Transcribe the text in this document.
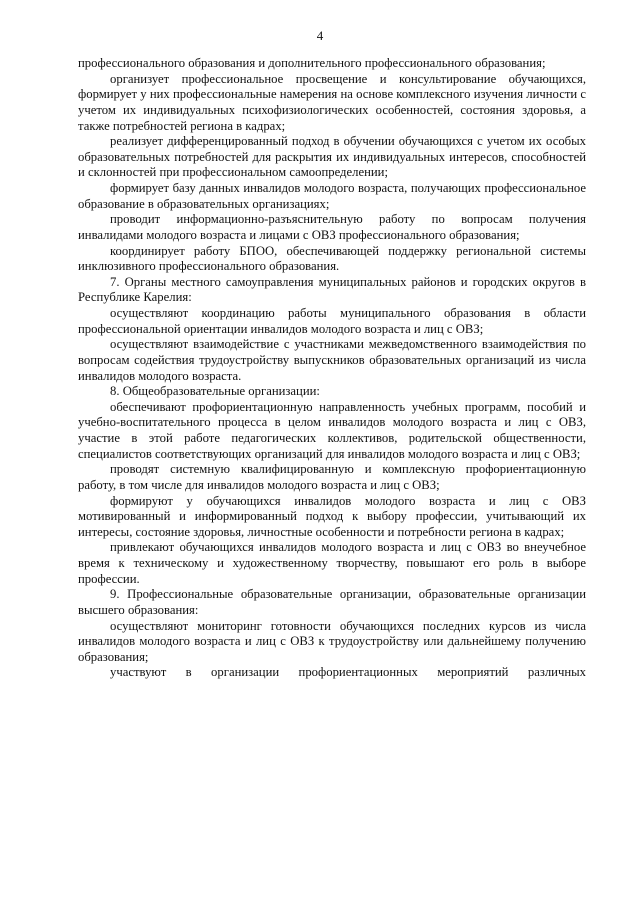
4

профессионального образования и дополнительного профессионального образования;

организует профессиональное просвещение и консультирование обучающихся, формирует у них профессиональные намерения на основе комплексного изучения личности с учетом их индивидуальных психофизиологических особенностей, состояния здоровья, а также потребностей региона в кадрах;

реализует дифференцированный подход в обучении обучающихся с учетом их особых образовательных потребностей для раскрытия их индивидуальных интересов, способностей и склонностей при профессиональном самоопределении;

формирует базу данных инвалидов молодого возраста, получающих профессиональное образование в образовательных организациях;

проводит информационно-разъяснительную работу по вопросам получения инвалидами молодого возраста и лицами с ОВЗ профессионального образования;

координирует работу БПОО, обеспечивающей поддержку региональной системы инклюзивного профессионального образования.

7. Органы местного самоуправления муниципальных районов и городских округов в Республике Карелия:

осуществляют координацию работы муниципального образования в области профессиональной ориентации инвалидов молодого возраста и лиц с ОВЗ;

осуществляют взаимодействие с участниками межведомственного взаимодействия по вопросам содействия трудоустройству выпускников образовательных организаций из числа инвалидов молодого возраста.

8. Общеобразовательные организации:

обеспечивают профориентационную направленность учебных программ, пособий и учебно-воспитательного процесса в целом инвалидов молодого возраста и лиц с ОВЗ, участие в этой работе педагогических коллективов, родительской общественности, специалистов соответствующих организаций для инвалидов молодого возраста и лиц с ОВЗ;

проводят системную квалифицированную и комплексную профориентационную работу, в том числе для инвалидов молодого возраста и лиц с ОВЗ;

формируют у обучающихся инвалидов молодого возраста и лиц с ОВЗ мотивированный и информированный подход к выбору профессии, учитывающий их интересы, состояние здоровья, личностные особенности и потребности региона в кадрах;

привлекают обучающихся инвалидов молодого возраста и лиц с ОВЗ во внеучебное время к техническому и художественному творчеству, повышают его роль в выборе профессии.

9. Профессиональные образовательные организации, образовательные организации высшего образования:

осуществляют мониторинг готовности обучающихся последних курсов из числа инвалидов молодого возраста и лиц с ОВЗ к трудоустройству или дальнейшему получению образования;

участвуют в организации профориентационных мероприятий различных
